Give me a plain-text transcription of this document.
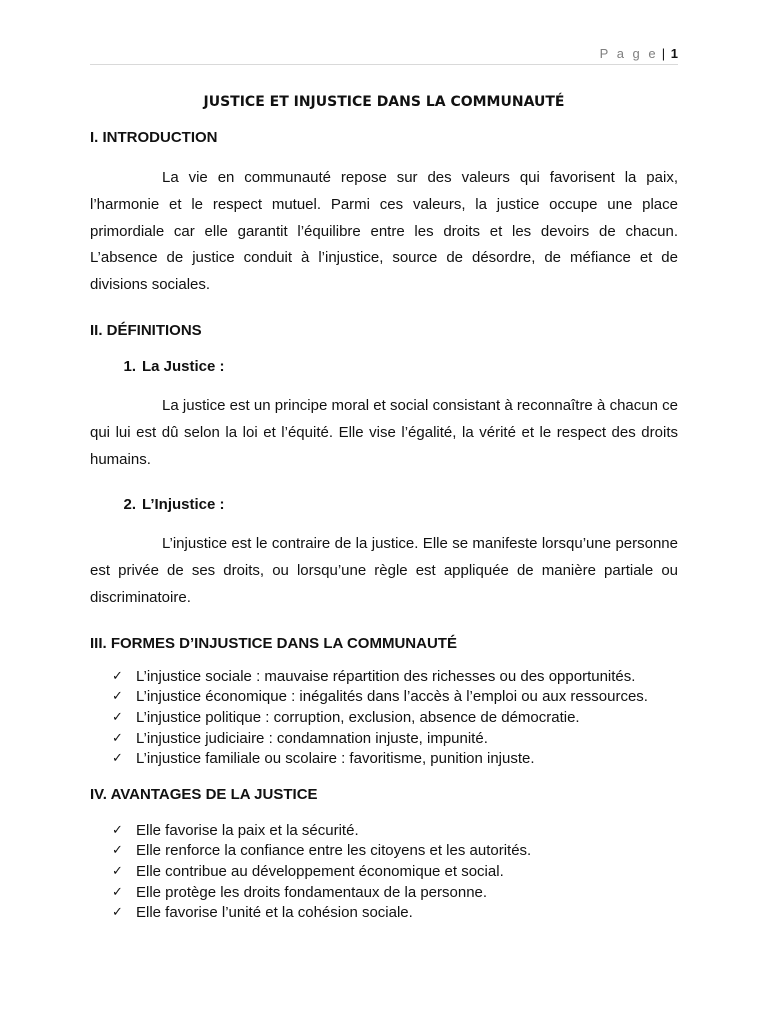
P a g e | 1
JUSTICE ET INJUSTICE DANS LA COMMUNAUTÉ
I. INTRODUCTION

La vie en communauté repose sur des valeurs qui favorisent la paix, l’harmonie et le respect mutuel. Parmi ces valeurs, la justice occupe une place primordiale car elle garantit l’équilibre entre les droits et les devoirs de chacun. L’absence de justice conduit à l’injustice, source de désordre, de méfiance et de divisions sociales.

II. DÉFINITIONS
1. La Justice :

La justice est un principe moral et social consistant à reconnaître à chacun ce qui lui est dû selon la loi et l’équité. Elle vise l’égalité, la vérité et le respect des droits humains.

2. L’Injustice :

L’injustice est le contraire de la justice. Elle se manifeste lorsqu’une personne est privée de ses droits, ou lorsqu’une règle est appliquée de manière partiale ou discriminatoire.

III. FORMES D’INJUSTICE DANS LA COMMUNAUTÉ
✓ L’injustice sociale : mauvaise répartition des richesses ou des opportunités.
✓ L’injustice économique : inégalités dans l’accès à l’emploi ou aux ressources.
✓ L’injustice politique : corruption, exclusion, absence de démocratie.
✓ L’injustice judiciaire : condamnation injuste, impunité.
✓ L’injustice familiale ou scolaire : favoritisme, punition injuste.
IV. AVANTAGES DE LA JUSTICE
✓ Elle favorise la paix et la sécurité.
✓ Elle renforce la confiance entre les citoyens et les autorités.
✓ Elle contribue au développement économique et social.
✓ Elle protège les droits fondamentaux de la personne.
✓ Elle favorise l’unité et la cohésion sociale.
